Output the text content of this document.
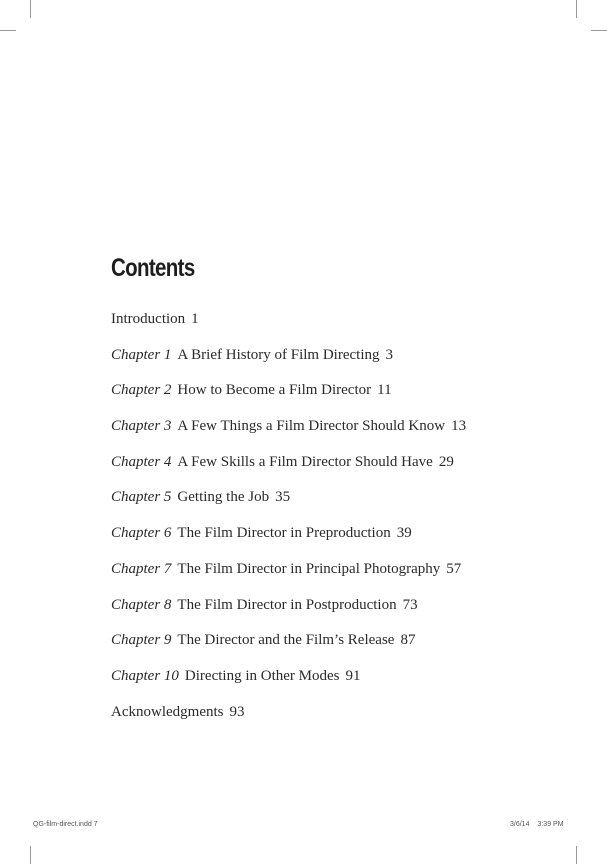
Contents
Introduction 1
Chapter 1 A Brief History of Film Directing 3
Chapter 2 How to Become a Film Director 11
Chapter 3 A Few Things a Film Director Should Know 13
Chapter 4 A Few Skills a Film Director Should Have 29
Chapter 5 Getting the Job 35
Chapter 6 The Film Director in Preproduction 39
Chapter 7 The Film Director in Principal Photography 57
Chapter 8 The Film Director in Postproduction 73
Chapter 9 The Director and the Film’s Release 87
Chapter 10 Directing in Other Modes 91
Acknowledgments 93
QG-film-direct.indd 7	3/6/14 3:39 PM
